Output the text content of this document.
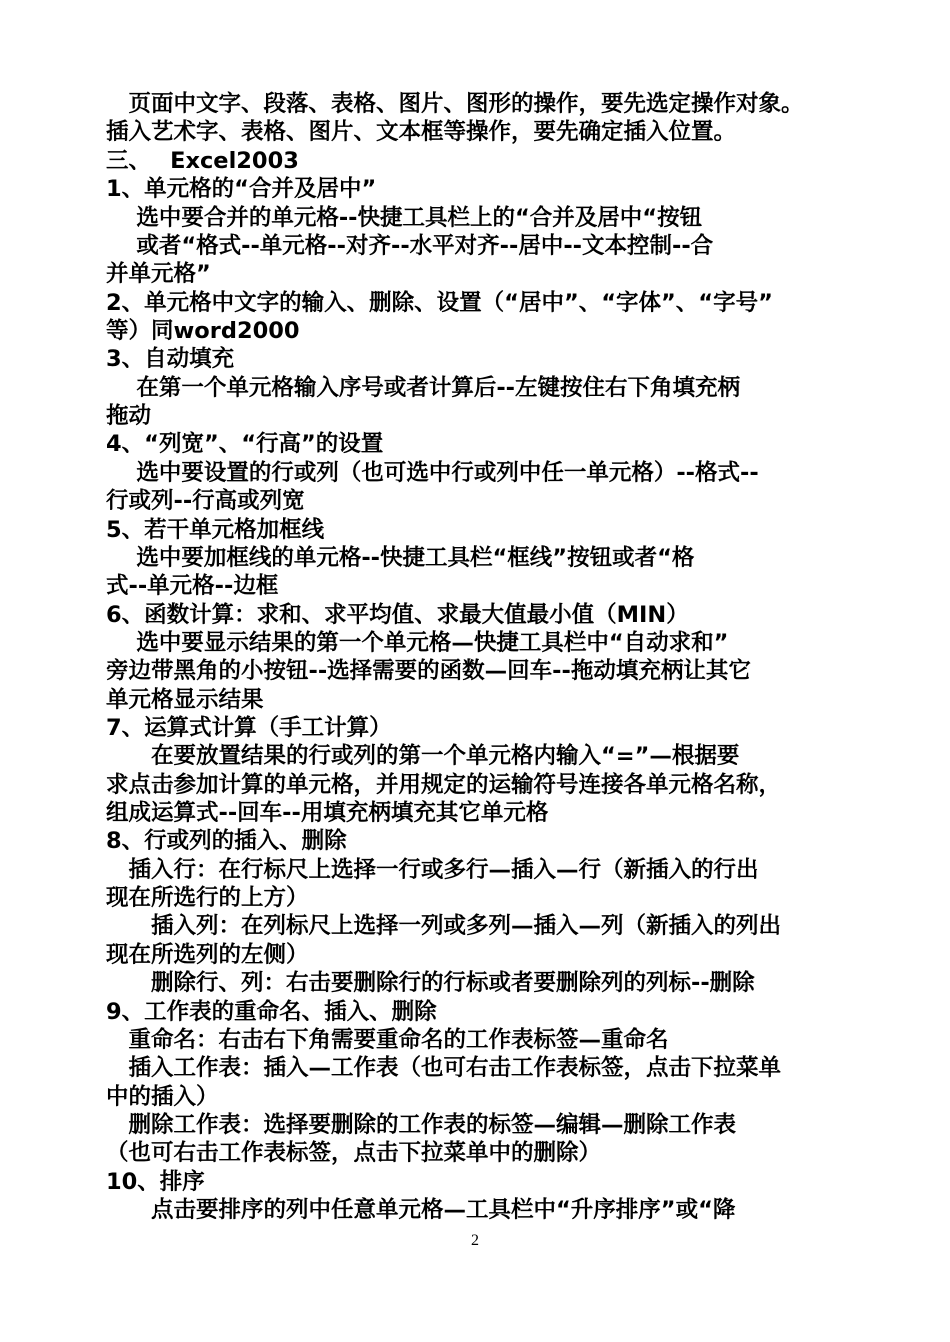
　页面中文字、段落、表格、图片、图形的操作，要先选定操作对象。
插入艺术字、表格、图片、文本框等操作，要先确定插入位置。
三、　 Excel2003
1、单元格的“合并及居中”
　 选中要合并的单元格--快捷工具栏上的“合并及居中“按钮
　 或者“格式--单元格--对齐--水平对齐--居中--文本控制--合
并单元格”
2、单元格中文字的输入、删除、设置（“居中”、“字体”、“字号”
等）同word2000
3、自动填充
　 在第一个单元格输入序号或者计算后--左键按住右下角填充柄
拖动
4、“列宽”、“行高”的设置
　 选中要设置的行或列（也可选中行或列中任一单元格）--格式--
行或列--行高或列宽
5、若干单元格加框线
　 选中要加框线的单元格--快捷工具栏“框线”按钮或者“格
式--单元格--边框
6、函数计算：求和、求平均值、求最大值最小值（MIN）
　 选中要显示结果的第一个单元格—快捷工具栏中“自动求和”
旁边带黑角的小按钮--选择需要的函数—回车--拖动填充柄让其它
单元格显示结果
7、运算式计算（手工计算）
　　在要放置结果的行或列的第一个单元格内输入“=”—根据要
求点击参加计算的单元格，并用规定的运输符号连接各单元格名称，
组成运算式--回车--用填充柄填充其它单元格
8、行或列的插入、删除
　插入行：在行标尺上选择一行或多行—插入—行（新插入的行出
现在所选行的上方）
　　插入列：在列标尺上选择一列或多列—插入—列（新插入的列出
现在所选列的左侧）
　　删除行、列：右击要删除行的行标或者要删除列的列标--删除
9、工作表的重命名、插入、删除
　重命名：右击右下角需要重命名的工作表标签—重命名
　插入工作表：插入—工作表（也可右击工作表标签，点击下拉菜单
中的插入）
　删除工作表：选择要删除的工作表的标签—编辑—删除工作表
（也可右击工作表标签，点击下拉菜单中的删除）
10、排序
　　点击要排序的列中任意单元格—工具栏中“升序排序”或“降
2
